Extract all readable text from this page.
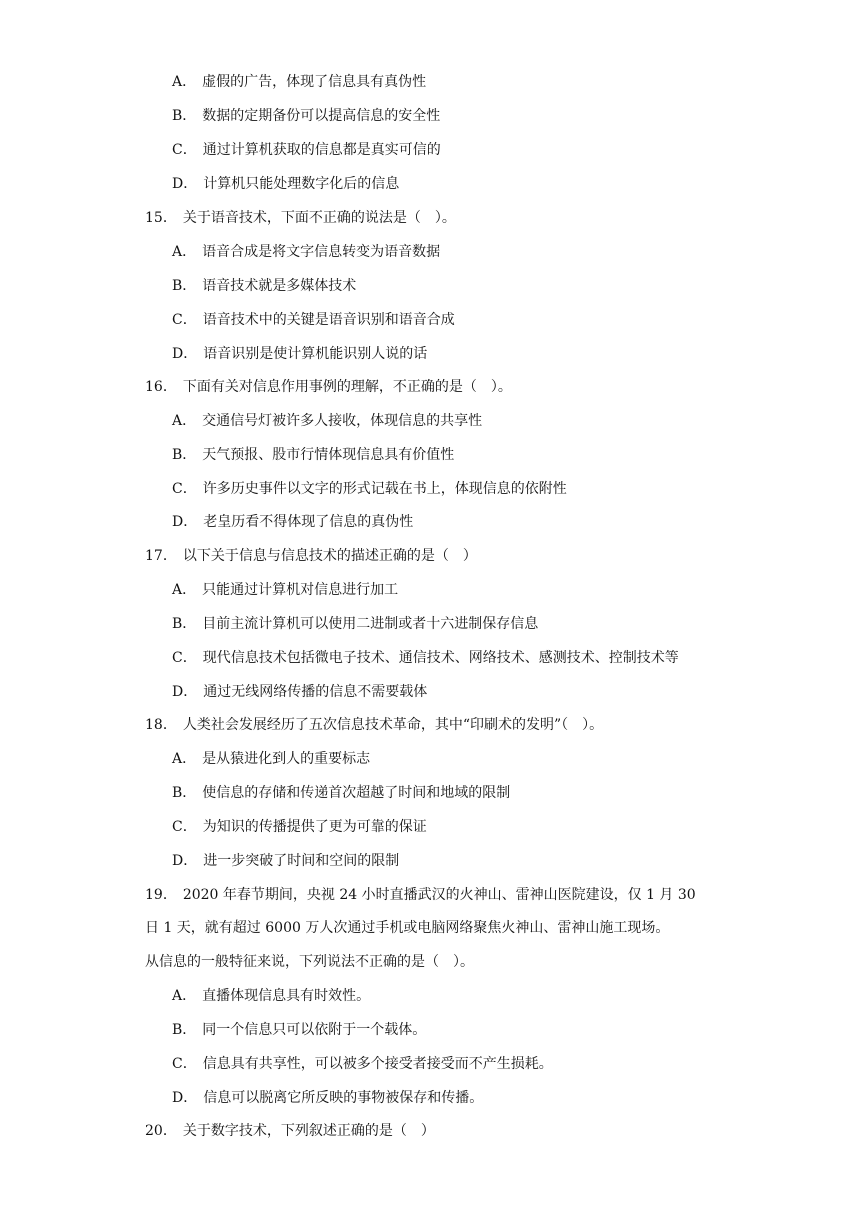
A． 虚假的广告，体现了信息具有真伪性
B． 数据的定期备份可以提高信息的安全性
C． 通过计算机获取的信息都是真实可信的
D． 计算机只能处理数字化后的信息
15． 关于语音技术，下面不正确的说法是（　）。
A． 语音合成是将文字信息转变为语音数据
B． 语音技术就是多媒体技术
C． 语音技术中的关键是语音识别和语音合成
D． 语音识别是使计算机能识别人说的话
16． 下面有关对信息作用事例的理解，不正确的是（　）。
A． 交通信号灯被许多人接收，体现信息的共享性
B． 天气预报、股市行情体现信息具有价值性
C． 许多历史事件以文字的形式记载在书上，体现信息的依附性
D． 老皇历看不得体现了信息的真伪性
17． 以下关于信息与信息技术的描述正确的是（　）
A． 只能通过计算机对信息进行加工
B． 目前主流计算机可以使用二进制或者十六进制保存信息
C． 现代信息技术包括微电子技术、通信技术、网络技术、感测技术、控制技术等
D． 通过无线网络传播的信息不需要载体
18． 人类社会发展经历了五次信息技术革命，其中“印刷术的发明”（　）。
A． 是从猿进化到人的重要标志
B． 使信息的存储和传递首次超越了时间和地域的限制
C． 为知识的传播提供了更为可靠的保证
D． 进一步突破了时间和空间的限制
19． 2020 年春节期间，央视 24 小时直播武汉的火神山、雷神山医院建设，仅 1 月 30
日 1 天，就有超过 6000 万人次通过手机或电脑网络聚焦火神山、雷神山施工现场。
从信息的一般特征来说，下列说法不正确的是（　）。
A． 直播体现信息具有时效性。
B． 同一个信息只可以依附于一个载体。
C． 信息具有共享性，可以被多个接受者接受而不产生损耗。
D． 信息可以脱离它所反映的事物被保存和传播。
20． 关于数字技术，下列叙述正确的是（　）
